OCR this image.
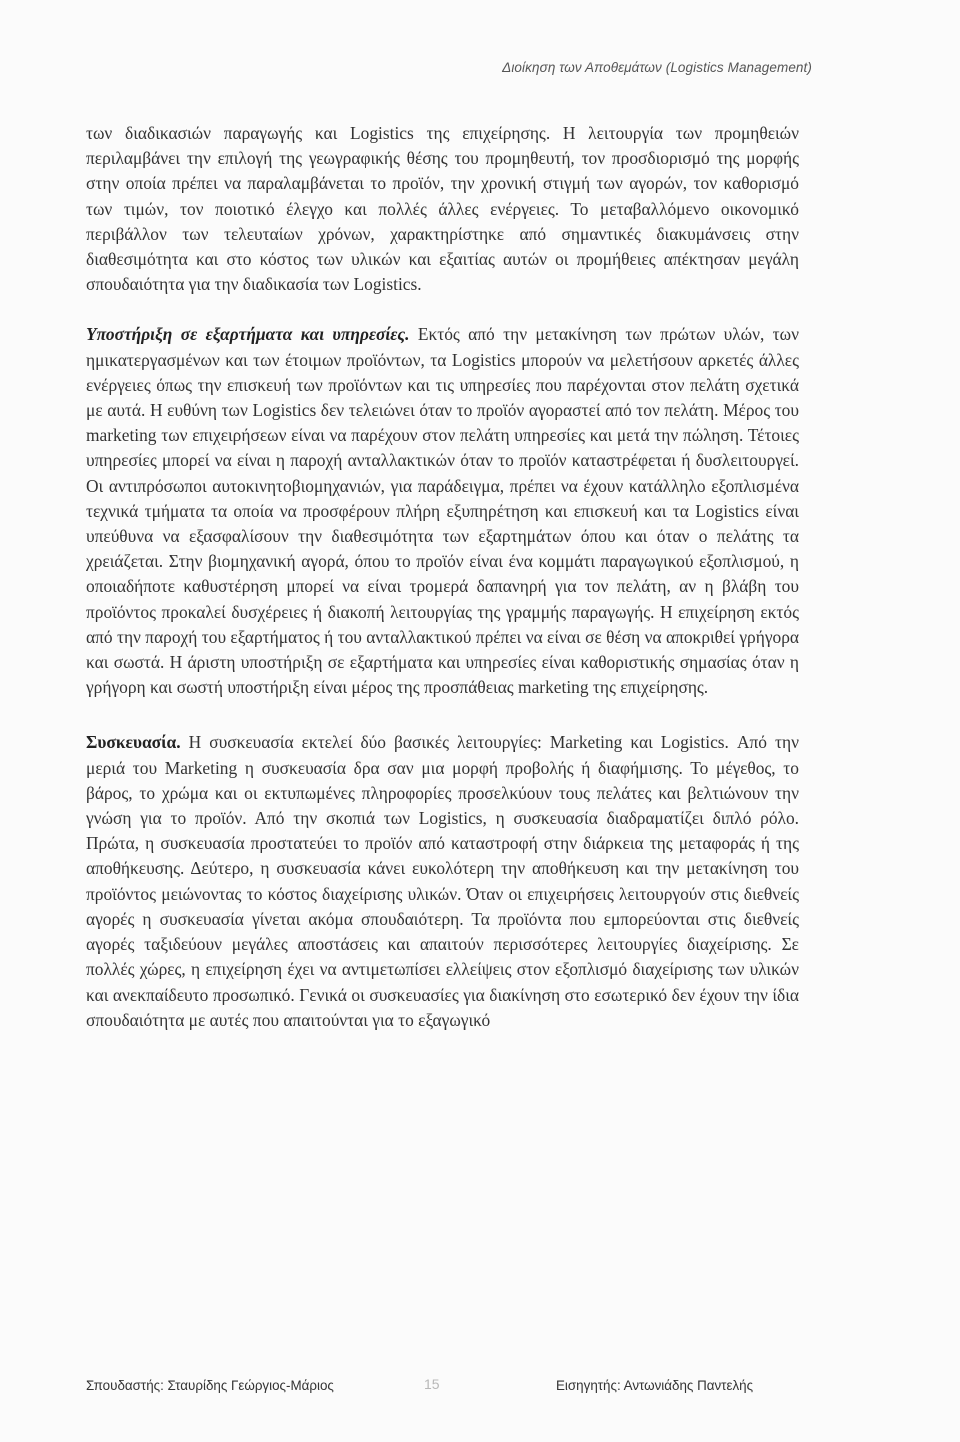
Διοίκηση των Αποθεμάτων (Logistics Management)

των διαδικασιών παραγωγής και Logistics της επιχείρησης. Η λειτουργία των προμηθειών περιλαμβάνει την επιλογή της γεωγραφικής θέσης του προμηθευτή, τον προσδιορισμό της μορφής στην οποία πρέπει να παραλαμβάνεται το προϊόν, την χρονική στιγμή των αγορών, τον καθορισμό των τιμών, τον ποιοτικό έλεγχο και πολλές άλλες ενέργειες. Το μεταβαλλόμενο οικονομικό περιβάλλον των τελευταίων χρόνων, χαρακτηρίστηκε από σημαντικές διακυμάνσεις στην διαθεσιμότητα και στο κόστος των υλικών και εξαιτίας αυτών οι προμήθειες απέκτησαν μεγάλη σπουδαιότητα για την διαδικασία των Logistics.

Υποστήριξη σε εξαρτήματα και υπηρεσίες. Εκτός από την μετακίνηση των πρώτων υλών, των ημικατεργασμένων και των έτοιμων προϊόντων, τα Logistics μπορούν να μελετήσουν αρκετές άλλες ενέργειες όπως την επισκευή των προϊόντων και τις υπηρεσίες που παρέχονται στον πελάτη σχετικά με αυτά. Η ευθύνη των Logistics δεν τελειώνει όταν το προϊόν αγοραστεί από τον πελάτη. Μέρος του marketing των επιχειρήσεων είναι να παρέχουν στον πελάτη υπηρεσίες και μετά την πώληση. Τέτοιες υπηρεσίες μπορεί να είναι η παροχή ανταλλακτικών όταν το προϊόν καταστρέφεται ή δυσλειτουργεί. Οι αντιπρόσωποι αυτοκινητοβιομηχανιών, για παράδειγμα, πρέπει να έχουν κατάλληλο εξοπλισμένα τεχνικά τμήματα τα οποία να προσφέρουν πλήρη εξυπηρέτηση και επισκευή και τα Logistics είναι υπεύθυνα να εξασφαλίσουν την διαθεσιμότητα των εξαρτημάτων όπου και όταν ο πελάτης τα χρειάζεται. Στην βιομηχανική αγορά, όπου το προϊόν είναι ένα κομμάτι παραγωγικού εξοπλισμού, η οποιαδήποτε καθυστέρηση μπορεί να είναι τρομερά δαπανηρή για τον πελάτη, αν η βλάβη του προϊόντος προκαλεί δυσχέρειες ή διακοπή λειτουργίας της γραμμής παραγωγής. Η επιχείρηση εκτός από την παροχή του εξαρτήματος ή του ανταλλακτικού πρέπει να είναι σε θέση να αποκριθεί γρήγορα και σωστά. Η άριστη υποστήριξη σε εξαρτήματα και υπηρεσίες είναι καθοριστικής σημασίας όταν η γρήγορη και σωστή υποστήριξη είναι μέρος της προσπάθειας marketing της επιχείρησης.

Συσκευασία. Η συσκευασία εκτελεί δύο βασικές λειτουργίες: Marketing και Logistics. Από την μεριά του Marketing η συσκευασία δρα σαν μια μορφή προβολής ή διαφήμισης. Το μέγεθος, το βάρος, το χρώμα και οι εκτυπωμένες πληροφορίες προσελκύουν τους πελάτες και βελτιώνουν την γνώση για το προϊόν. Από την σκοπιά των Logistics, η συσκευασία διαδραματίζει διπλό ρόλο. Πρώτα, η συσκευασία προστατεύει το προϊόν από καταστροφή στην διάρκεια της μεταφοράς ή της αποθήκευσης. Δεύτερο, η συσκευασία κάνει ευκολότερη την αποθήκευση και την μετακίνηση του προϊόντος μειώνοντας το κόστος διαχείρισης υλικών. Όταν οι επιχειρήσεις λειτουργούν στις διεθνείς αγορές η συσκευασία γίνεται ακόμα σπουδαιότερη. Τα προϊόντα που εμπορεύονται στις διεθνείς αγορές ταξιδεύουν μεγάλες αποστάσεις και απαιτούν περισσότερες λειτουργίες διαχείρισης. Σε πολλές χώρες, η επιχείρηση έχει να αντιμετωπίσει ελλείψεις στον εξοπλισμό διαχείρισης των υλικών και ανεκπαίδευτο προσωπικό. Γενικά οι συσκευασίες για διακίνηση στο εσωτερικό δεν έχουν την ίδια σπουδαιότητα με αυτές που απαιτούνται για το εξαγωγικό

Σπουδαστής: Σταυρίδης Γεώργιος-Μάριος	15	Εισηγητής: Αντωνιάδης Παντελής
